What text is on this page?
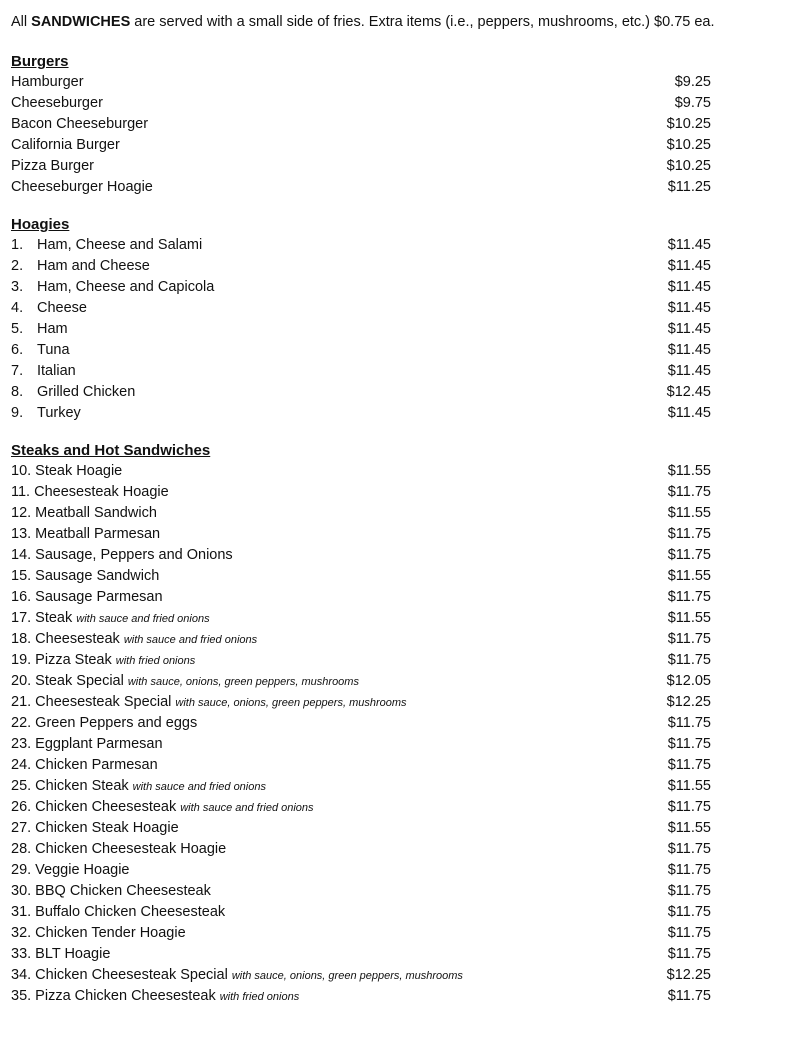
All SANDWICHES are served with a small side of fries. Extra items (i.e., peppers, mushrooms, etc.) $0.75 ea.
Burgers
Hamburger	$9.25
Cheeseburger	$9.75
Bacon Cheeseburger	$10.25
California Burger	$10.25
Pizza Burger	$10.25
Cheeseburger Hoagie	$11.25
Hoagies
1. Ham, Cheese and Salami	$11.45
2. Ham and Cheese	$11.45
3. Ham, Cheese and Capicola	$11.45
4. Cheese	$11.45
5. Ham	$11.45
6. Tuna	$11.45
7. Italian	$11.45
8. Grilled Chicken	$12.45
9. Turkey	$11.45
Steaks and Hot Sandwiches
10. Steak Hoagie	$11.55
11. Cheesesteak Hoagie	$11.75
12. Meatball Sandwich	$11.55
13. Meatball Parmesan	$11.75
14. Sausage, Peppers and Onions	$11.75
15. Sausage Sandwich	$11.55
16. Sausage Parmesan	$11.75
17. Steak with sauce and fried onions	$11.55
18. Cheesesteak with sauce and fried onions	$11.75
19. Pizza Steak with fried onions	$11.75
20. Steak Special with sauce, onions, green peppers, mushrooms	$12.05
21. Cheesesteak Special with sauce, onions, green peppers, mushrooms	$12.25
22. Green Peppers and eggs	$11.75
23. Eggplant Parmesan	$11.75
24. Chicken Parmesan	$11.75
25. Chicken Steak with sauce and fried onions	$11.55
26. Chicken Cheesesteak with sauce and fried onions	$11.75
27. Chicken Steak Hoagie	$11.55
28. Chicken Cheesesteak Hoagie	$11.75
29. Veggie Hoagie	$11.75
30. BBQ Chicken Cheesesteak	$11.75
31. Buffalo Chicken Cheesesteak	$11.75
32. Chicken Tender Hoagie	$11.75
33. BLT Hoagie	$11.75
34. Chicken Cheesesteak Special with sauce, onions, green peppers, mushrooms	$12.25
35. Pizza Chicken Cheesesteak with fried onions	$11.75
